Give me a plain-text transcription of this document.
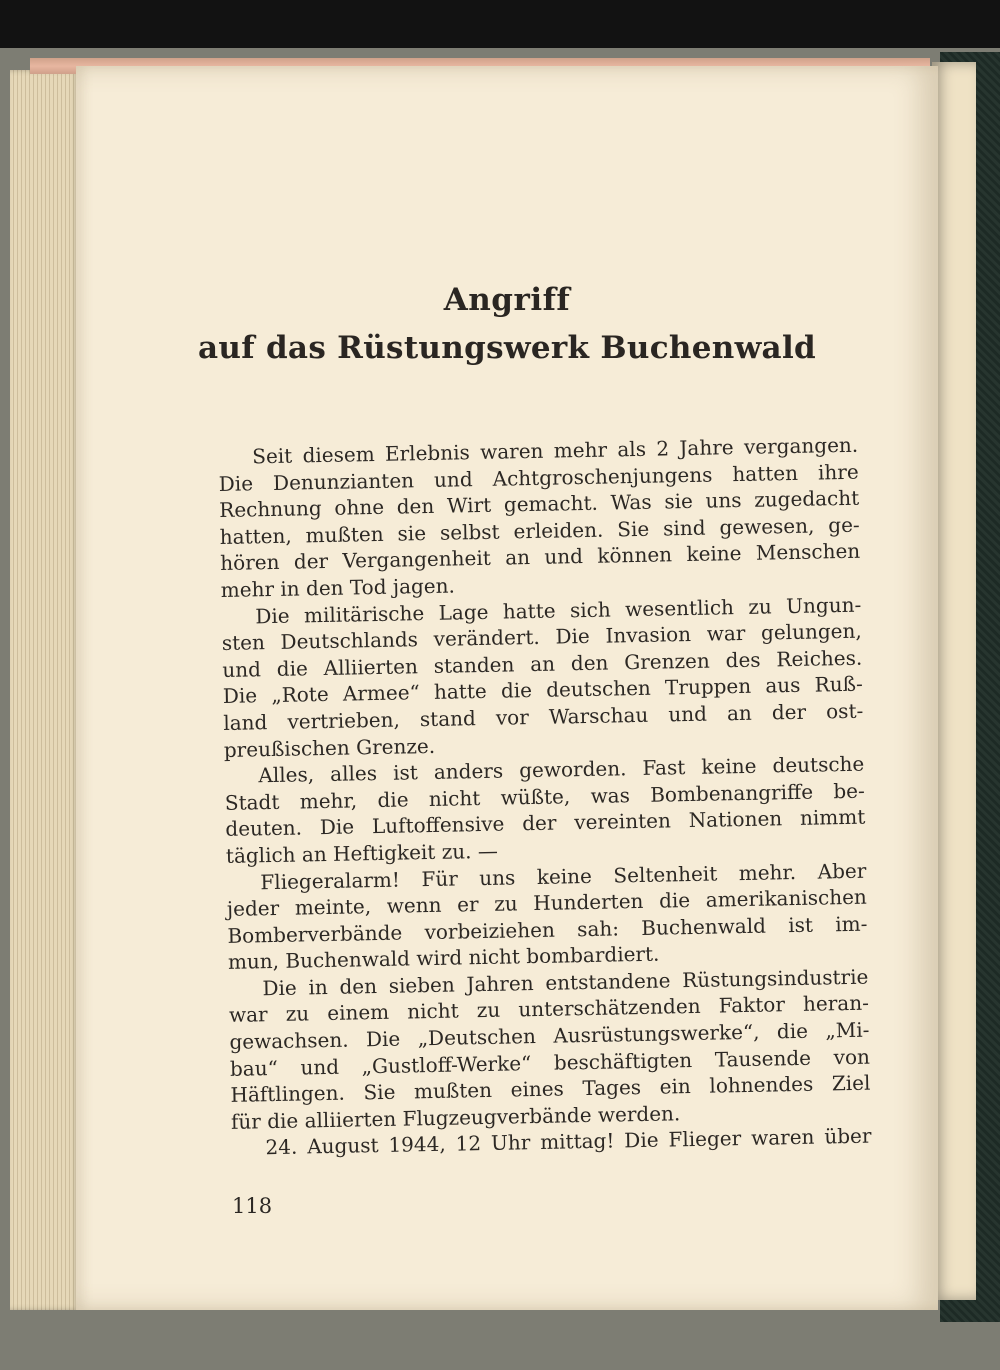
Angriff
auf das Rüstungswerk Buchenwald

Seit diesem Erlebnis waren mehr als 2 Jahre vergangen.
Die Denunzianten und Achtgroschenjungens hatten ihre
Rechnung ohne den Wirt gemacht. Was sie uns zugedacht
hatten, mußten sie selbst erleiden. Sie sind gewesen, ge-
hören der Vergangenheit an und können keine Menschen
mehr in den Tod jagen.

Die militärische Lage hatte sich wesentlich zu Ungun-
sten Deutschlands verändert. Die Invasion war gelungen,
und die Alliierten standen an den Grenzen des Reiches.
Die „Rote Armee“ hatte die deutschen Truppen aus Ruß-
land vertrieben, stand vor Warschau und an der ost-
preußischen Grenze.

Alles, alles ist anders geworden. Fast keine deutsche
Stadt mehr, die nicht wüßte, was Bombenangriffe be-
deuten. Die Luftoffensive der vereinten Nationen nimmt
täglich an Heftigkeit zu. —

Fliegeralarm! Für uns keine Seltenheit mehr. Aber
jeder meinte, wenn er zu Hunderten die amerikanischen
Bomberverbände vorbeiziehen sah: Buchenwald ist im-
mun, Buchenwald wird nicht bombardiert.

Die in den sieben Jahren entstandene Rüstungsindustrie
war zu einem nicht zu unterschätzenden Faktor heran-
gewachsen. Die „Deutschen Ausrüstungswerke“, die „Mi-
bau“ und „Gustloff-Werke“ beschäftigten Tausende von
Häftlingen. Sie mußten eines Tages ein lohnendes Ziel
für die alliierten Flugzeugverbände werden.

24. August 1944, 12 Uhr mittag! Die Flieger waren über

118
